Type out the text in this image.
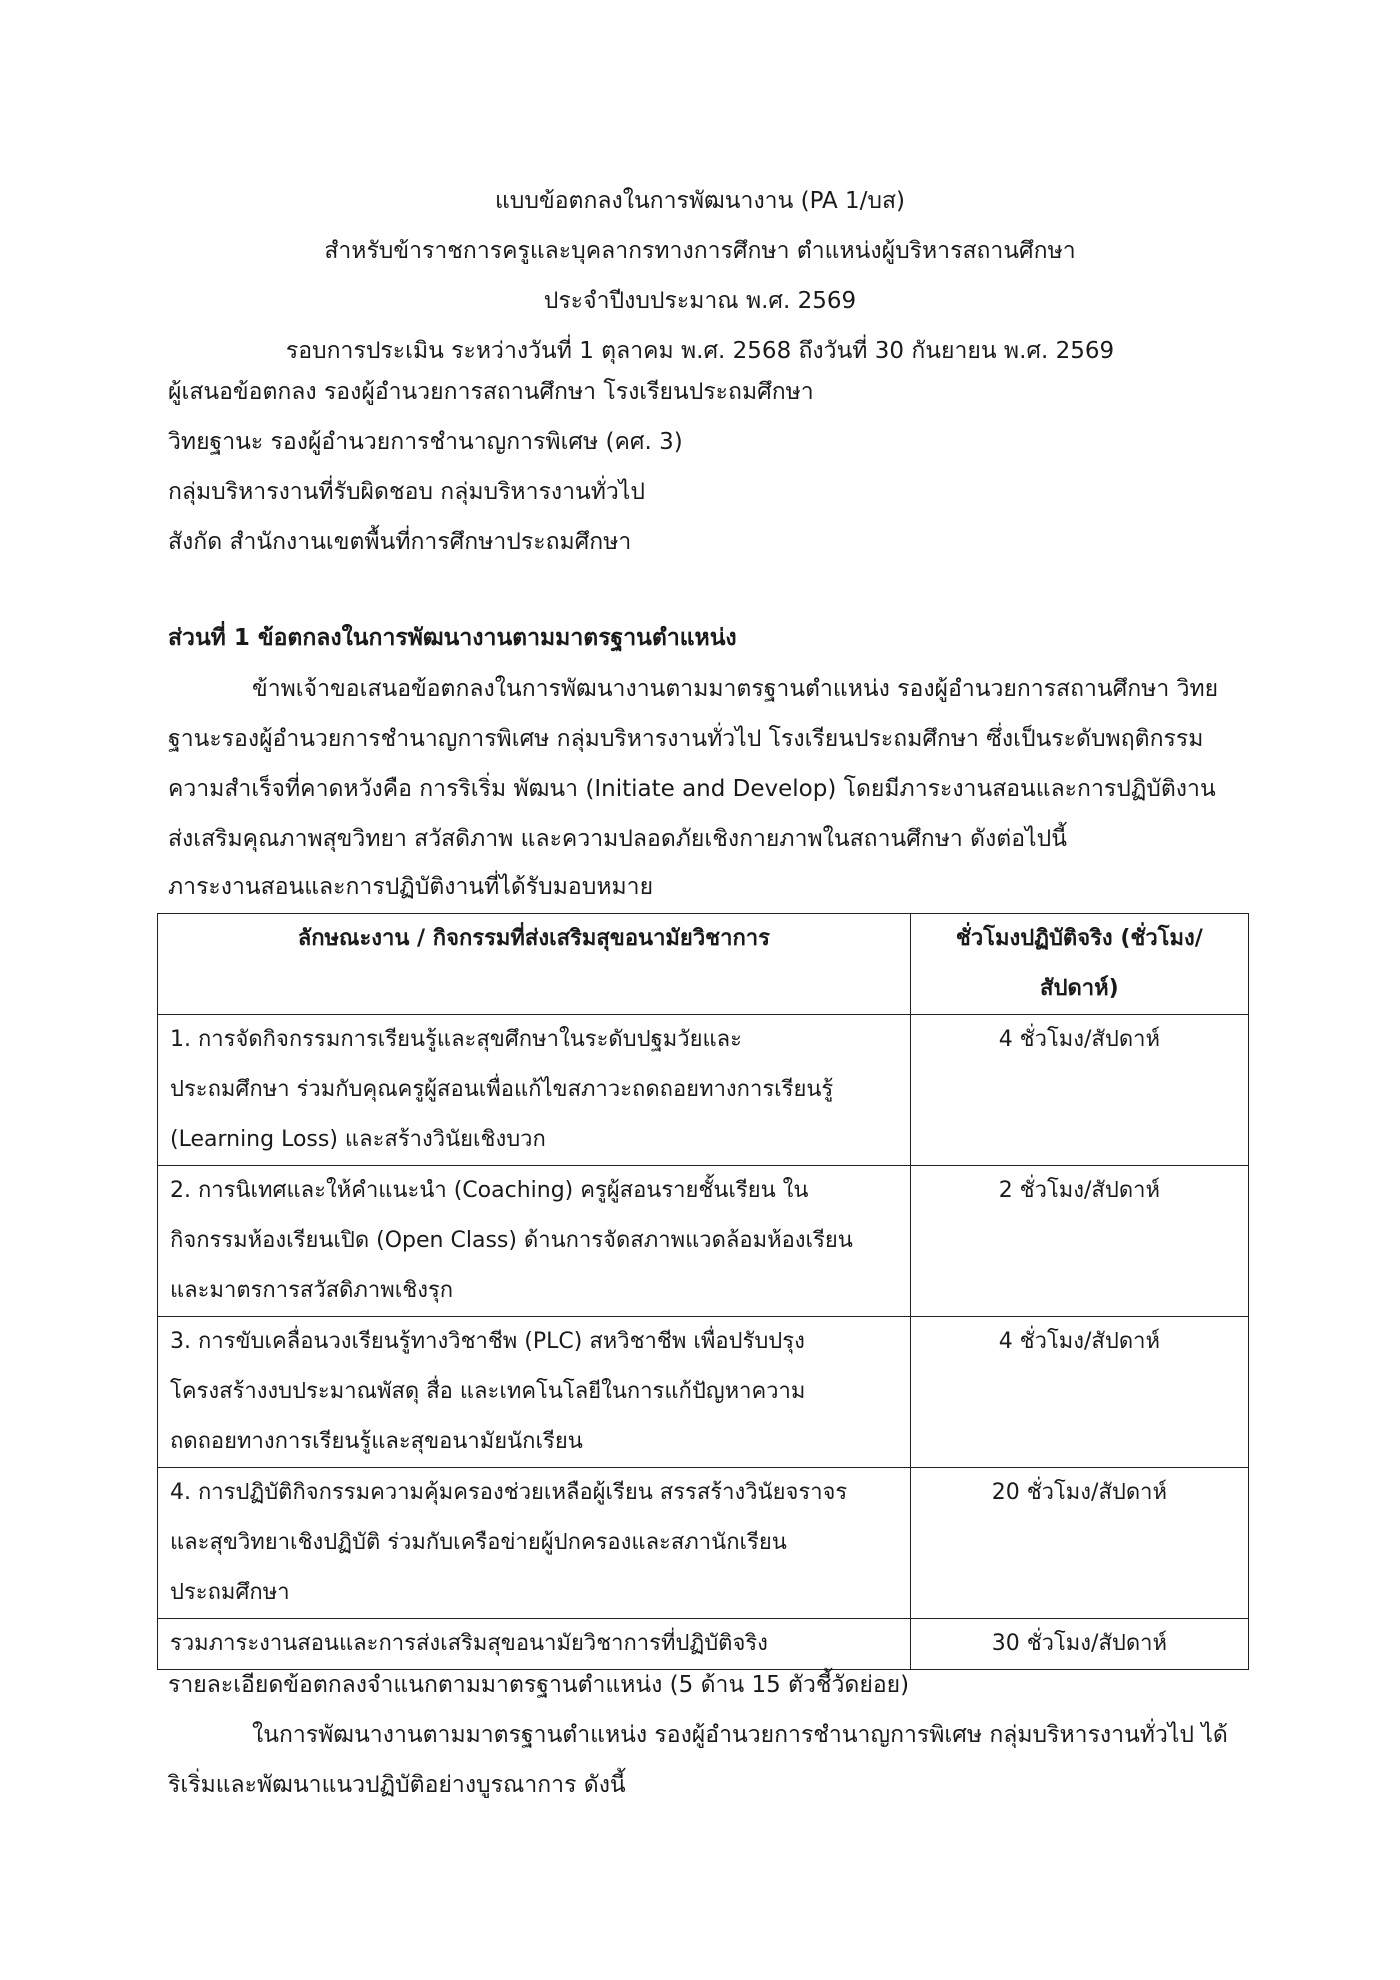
แบบข้อตกลงในการพัฒนางาน (PA 1/บส)
สำหรับข้าราชการครูและบุคลากรทางการศึกษา ตำแหน่งผู้บริหารสถานศึกษา
ประจำปีงบประมาณ พ.ศ. 2569
รอบการประเมิน ระหว่างวันที่ 1 ตุลาคม พ.ศ. 2568 ถึงวันที่ 30 กันยายน พ.ศ. 2569
ผู้เสนอข้อตกลง รองผู้อำนวยการสถานศึกษา โรงเรียนประถมศึกษา
วิทยฐานะ รองผู้อำนวยการชำนาญการพิเศษ (คศ. 3)
กลุ่มบริหารงานที่รับผิดชอบ กลุ่มบริหารงานทั่วไป
สังกัด สำนักงานเขตพื้นที่การศึกษาประถมศึกษา
ส่วนที่ 1 ข้อตกลงในการพัฒนางานตามมาตรฐานตำแหน่ง
ข้าพเจ้าขอเสนอข้อตกลงในการพัฒนางานตามมาตรฐานตำแหน่ง รองผู้อำนวยการสถานศึกษา วิทย
ฐานะรองผู้อำนวยการชำนาญการพิเศษ กลุ่มบริหารงานทั่วไป โรงเรียนประถมศึกษา ซึ่งเป็นระดับพฤติกรรม
ความสำเร็จที่คาดหวังคือ การริเริ่ม พัฒนา (Initiate and Develop) โดยมีภาระงานสอนและการปฏิบัติงาน
ส่งเสริมคุณภาพสุขวิทยา สวัสดิภาพ และความปลอดภัยเชิงกายภาพในสถานศึกษา ดังต่อไปนี้
ภาระงานสอนและการปฏิบัติงานที่ได้รับมอบหมาย
ลักษณะงาน / กิจกรรมที่ส่งเสริมสุขอนามัยวิชาการ	ชั่วโมงปฏิบัติจริง (ชั่วโมง/
สัปดาห์)

1. การจัดกิจกรรมการเรียนรู้และสุขศึกษาในระดับปฐมวัยและ
ประถมศึกษา ร่วมกับคุณครูผู้สอนเพื่อแก้ไขสภาวะถดถอยทางการเรียนรู้
(Learning Loss) และสร้างวินัยเชิงบวก	4 ชั่วโมง/สัปดาห์

2. การนิเทศและให้คำแนะนำ (Coaching) ครูผู้สอนรายชั้นเรียน ใน
กิจกรรมห้องเรียนเปิด (Open Class) ด้านการจัดสภาพแวดล้อมห้องเรียน
และมาตรการสวัสดิภาพเชิงรุก	2 ชั่วโมง/สัปดาห์

3. การขับเคลื่อนวงเรียนรู้ทางวิชาชีพ (PLC) สหวิชาชีพ เพื่อปรับปรุง
โครงสร้างงบประมาณพัสดุ สื่อ และเทคโนโลยีในการแก้ปัญหาความ
ถดถอยทางการเรียนรู้และสุขอนามัยนักเรียน	4 ชั่วโมง/สัปดาห์

4. การปฏิบัติกิจกรรมความคุ้มครองช่วยเหลือผู้เรียน สรรสร้างวินัยจราจร
และสุขวิทยาเชิงปฏิบัติ ร่วมกับเครือข่ายผู้ปกครองและสภานักเรียน
ประถมศึกษา	20 ชั่วโมง/สัปดาห์

รวมภาระงานสอนและการส่งเสริมสุขอนามัยวิชาการที่ปฏิบัติจริง	30 ชั่วโมง/สัปดาห์
รายละเอียดข้อตกลงจำแนกตามมาตรฐานตำแหน่ง (5 ด้าน 15 ตัวชี้วัดย่อย)
ในการพัฒนางานตามมาตรฐานตำแหน่ง รองผู้อำนวยการชำนาญการพิเศษ กลุ่มบริหารงานทั่วไป ได้
ริเริ่มและพัฒนาแนวปฏิบัติอย่างบูรณาการ ดังนี้
